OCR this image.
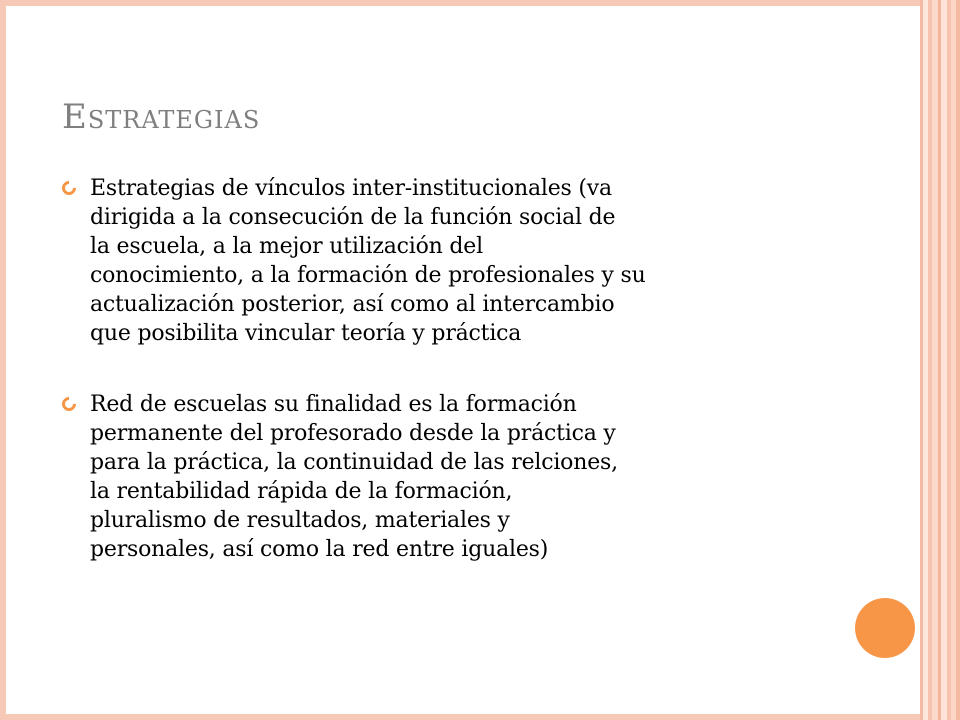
Estrategias
Estrategias de vínculos inter-institucionales (va
dirigida a la consecución de la función social de
la escuela, a la mejor utilización del
conocimiento, a la formación de profesionales y su
actualización posterior, así como al intercambio
que posibilita vincular teoría y práctica
Red de escuelas su finalidad es la formación
permanente del profesorado desde la práctica y
para la práctica, la continuidad de las relciones,
la rentabilidad rápida de la formación,
pluralismo de resultados, materiales y
personales, así como la red entre iguales)
